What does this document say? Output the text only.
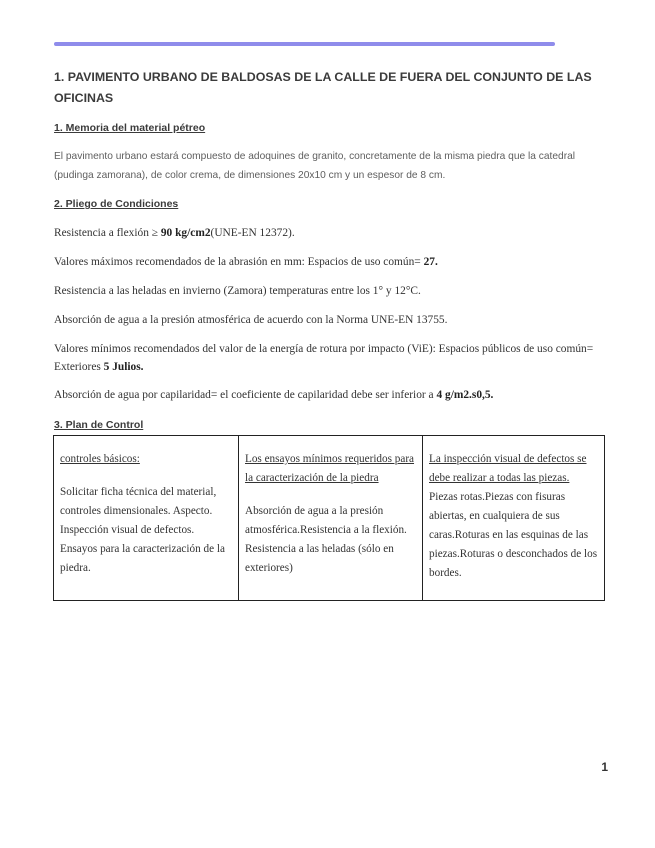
1. PAVIMENTO URBANO DE BALDOSAS DE LA CALLE DE FUERA DEL CONJUNTO DE LAS OFICINAS
1. Memoria del material pétreo

El pavimento urbano estará compuesto de adoquines de granito, concretamente de la misma piedra que la catedral (pudinga zamorana), de color crema, de dimensiones 20x10 cm y un espesor de 8 cm.

2. Pliego de Condiciones

Resistencia a flexión ≥ 90 kg/cm2(UNE-EN 12372).

Valores máximos recomendados de la abrasión en mm: Espacios de uso común= 27.

Resistencia a las heladas en invierno (Zamora) temperaturas entre los 1° y 12°C.

Absorción de agua a la presión atmosférica de acuerdo con la Norma UNE-EN 13755.

Valores mínimos recomendados del valor de la energía de rotura por impacto (ViE): Espacios públicos de uso común= Exteriores 5 Julios.

Absorción de agua por capilaridad= el coeficiente de capilaridad debe ser inferior a 4 g/m2.s0,5.

3. Plan de Control

controles básicos:

Solicitar ficha técnica del material, controles dimensionales. Aspecto. Inspección visual de defectos. Ensayos para la caracterización de la piedra.

Los ensayos mínimos requeridos para la caracterización de la piedra

Absorción de agua a la presión atmosférica.Resistencia a la flexión. Resistencia a las heladas (sólo en exteriores)

La inspección visual de defectos se debe realizar a todas las piezas.

Piezas rotas.Piezas con fisuras abiertas, en cualquiera de sus caras.Roturas en las esquinas de las piezas.Roturas o desconchados de los bordes.

1
